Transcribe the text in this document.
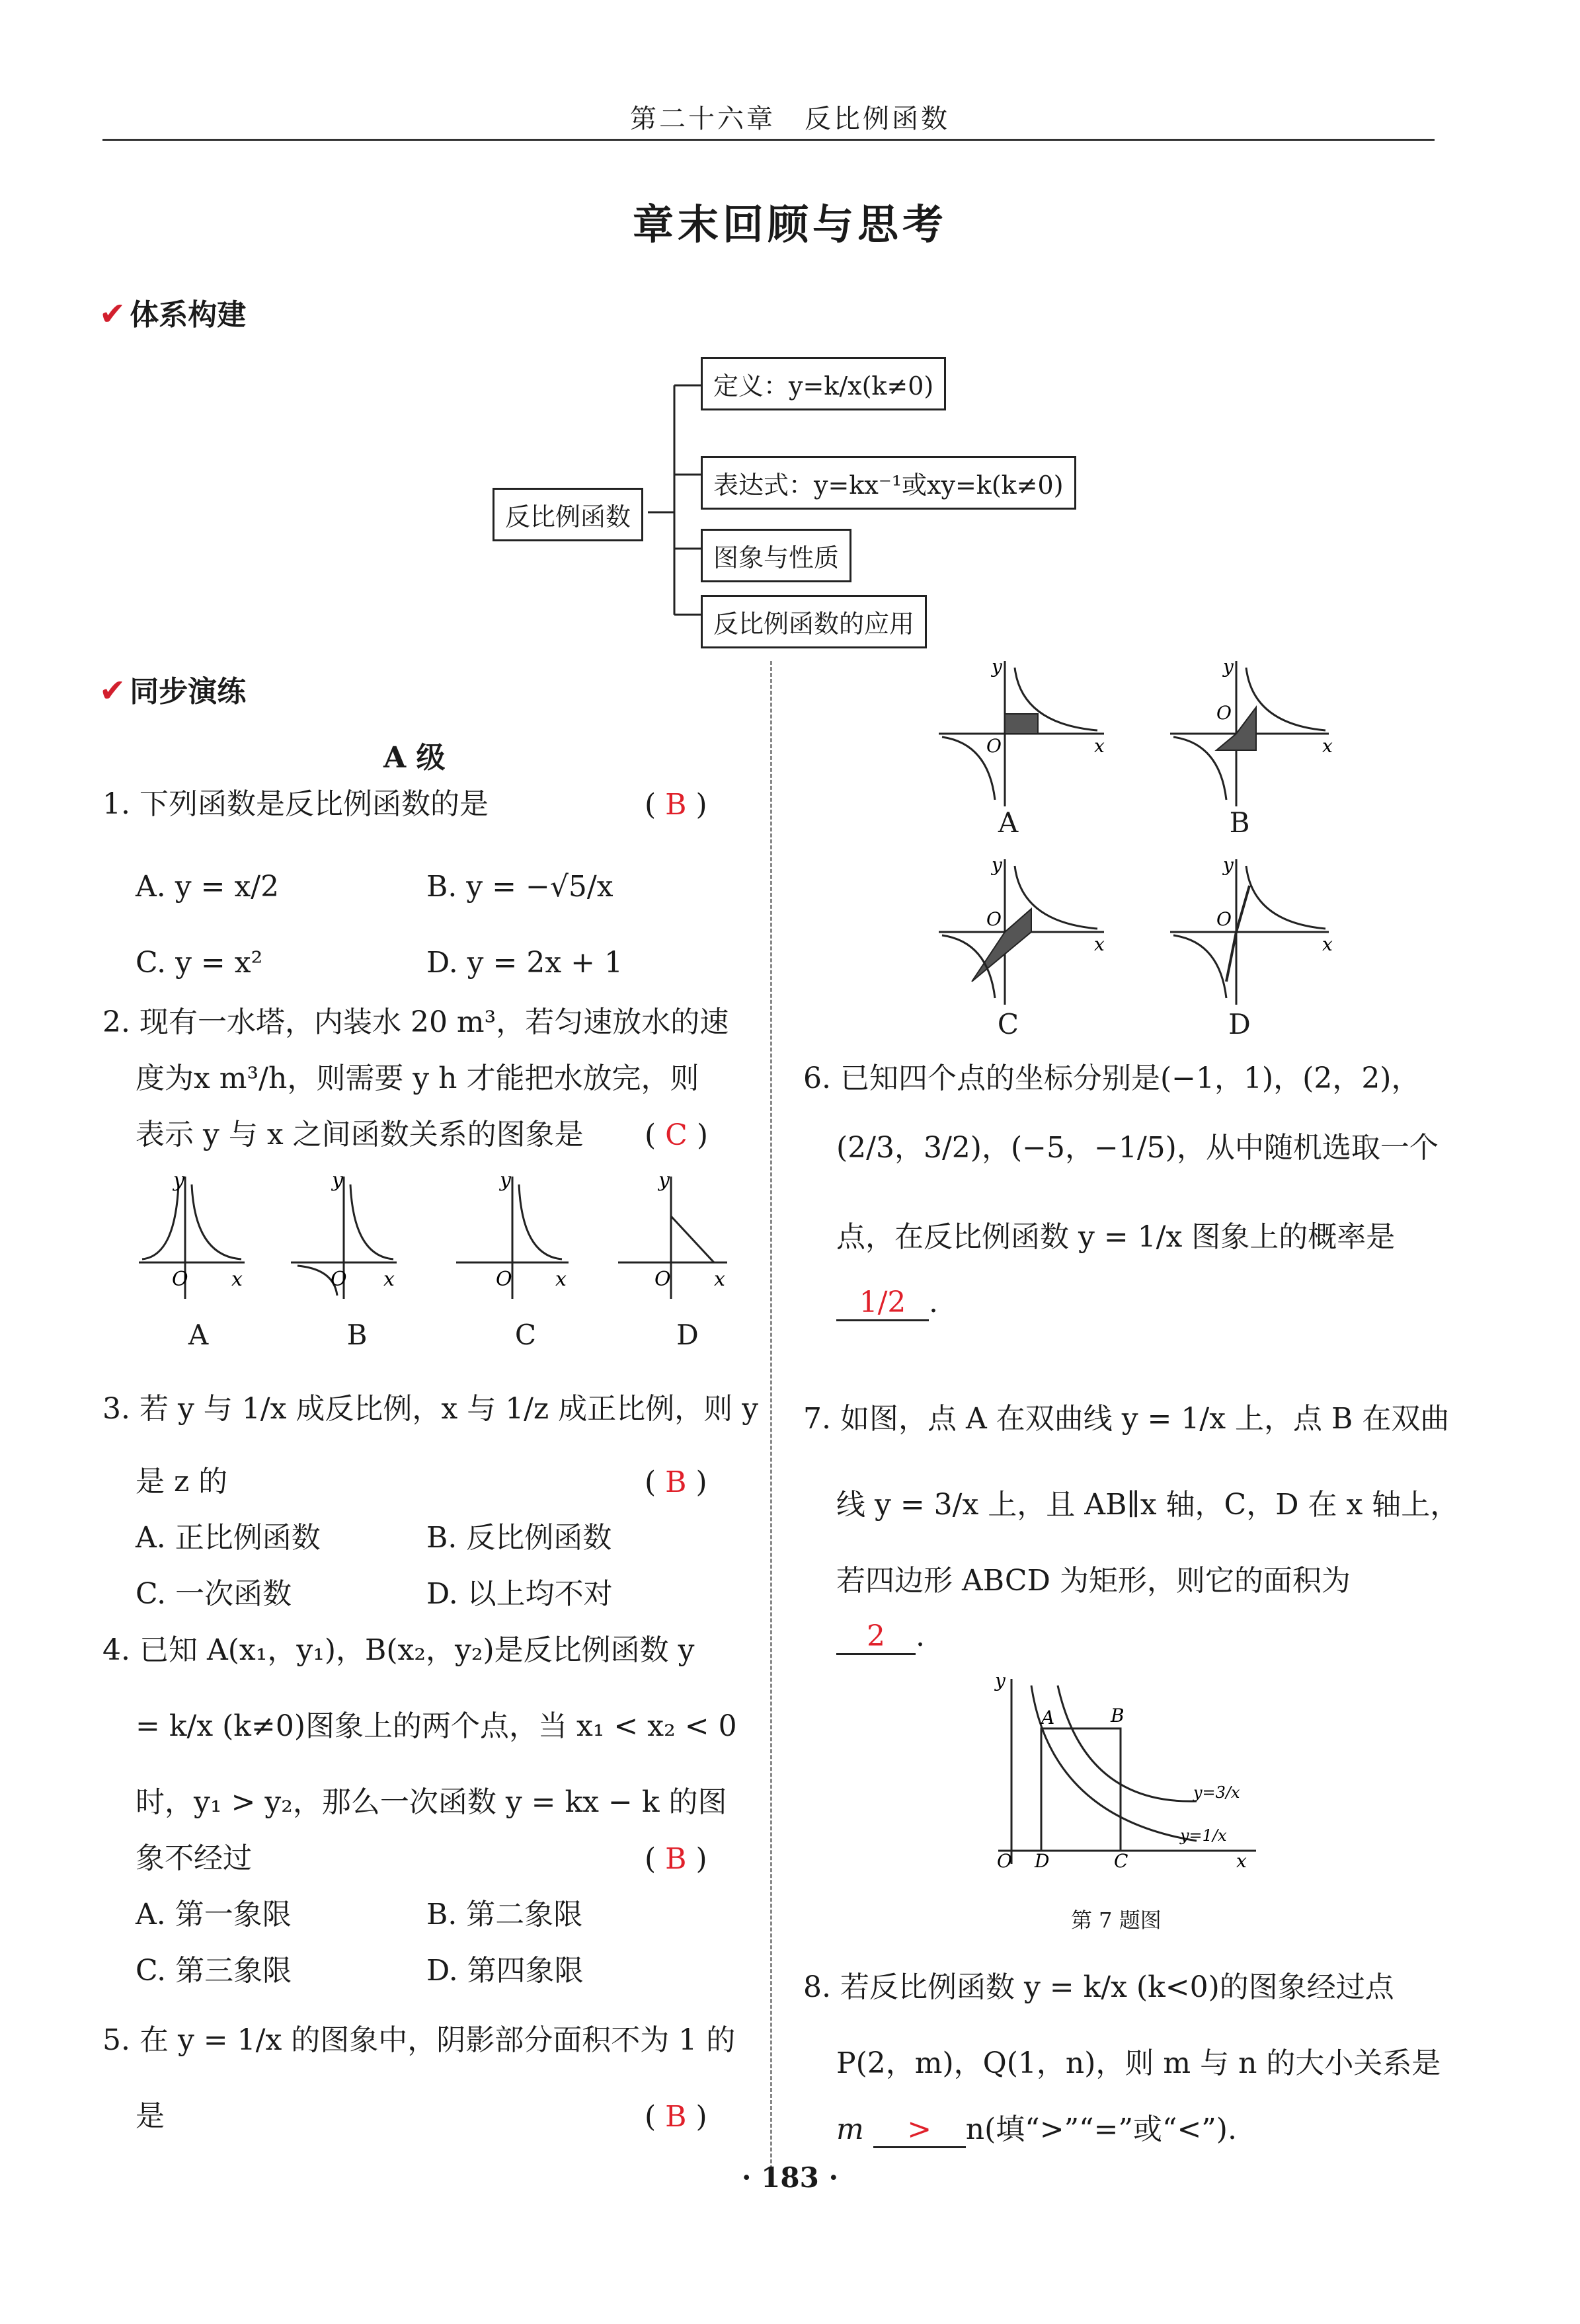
第二十六章　反比例函数
章末回顾与思考
✔ 体系构建
反比例函数
定义：y=k/x(k≠0)
表达式：y=kx⁻¹或xy=k(k≠0)
图象与性质
反比例函数的应用
✔ 同步演练
A 级
1. 下列函数是反比例函数的是	( B )
A. y = x/2	B. y = −√5/x
C. y = x²	D. y = 2x + 1
2. 现有一水塔，内装水 20 m³，若匀速放水的速
度为x m³/h，则需要 y h 才能把水放完，则
表示 y 与 x 之间函数关系的图象是 ( C )
O x
y
O x
y
O x
y
O x
y
A	B	C	D
3. 若 y 与 1/x 成反比例，x 与 1/z 成正比例，则 y
是 z 的	( B )
A. 正比例函数	B. 反比例函数
C. 一次函数	D. 以上均不对
4. 已知 A(x₁，y₁)，B(x₂，y₂)是反比例函数 y
= k/x (k≠0)图象上的两个点，当 x₁ < x₂ < 0
时，y₁ > y₂，那么一次函数 y = kx − k 的图
象不经过	( B )
A. 第一象限	B. 第二象限
C. 第三象限	D. 第四象限
5. 在 y = 1/x 的图象中，阴影部分面积不为 1 的
是	( B )
O	x
y
O
x
y
O
x
y
O
x
y
A	B
C	D
6. 已知四个点的坐标分别是(−1，1)，(2，2)，
(2/3，3/2)，(−5，−1/5)，从中随机选取一个
点，在反比例函数 y = 1/x 图象上的概率是
1/2 .
7. 如图，点 A 在双曲线 y = 1/x 上，点 B 在双曲
线 y = 3/x 上，且 AB∥x 轴，C，D 在 x 轴上，
若四边形 ABCD 为矩形，则它的面积为
2 .
A	B
O D	C	x
y
y=3/x
y=1/x
第 7 题图
8. 若反比例函数 y = k/x (k<0)的图象经过点
P(2，m)，Q(1，n)，则 m 与 n 的大小关系是
m > n(填“>”“=”或“<”).
· 183 ·
